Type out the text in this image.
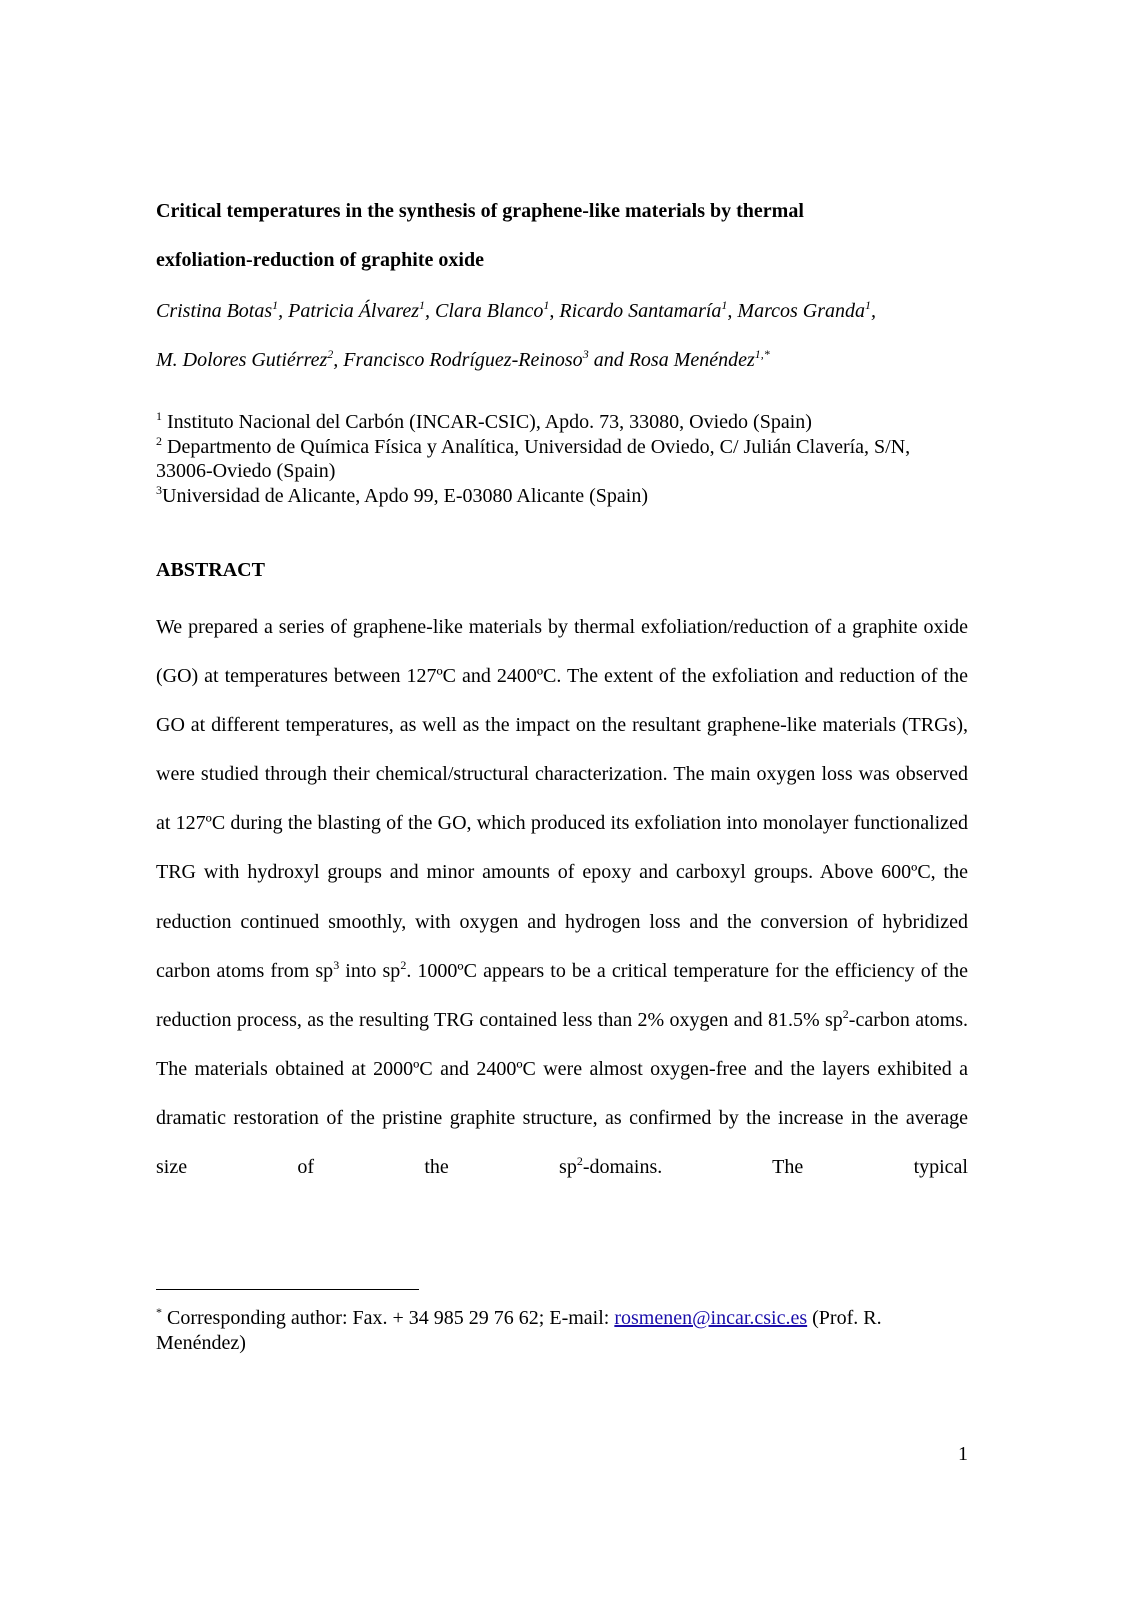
Critical temperatures in the synthesis of graphene-like materials by thermal
exfoliation-reduction of graphite oxide
Cristina Botas$^1$, Patricia Álvarez$^1$, Clara Blanco$^1$, Ricardo Santamaría$^1$, Marcos Granda$^1$,
M. Dolores Gutiérrez$^2$, Francisco Rodríguez-Reinoso$^3$ and Rosa Menéndez$^{1,*}$
$^1$ Instituto Nacional del Carbón (INCAR-CSIC), Apdo. 73, 33080, Oviedo (Spain)
$^2$ Departmento de Química Física y Analítica, Universidad de Oviedo, C/ Julián Clavería, S/N, 33006-Oviedo (Spain)
$^3$Universidad de Alicante, Apdo 99, E-03080 Alicante (Spain)
ABSTRACT
We prepared a series of graphene-like materials by thermal exfoliation/reduction of a graphite oxide (GO) at temperatures between 127ºC and 2400ºC. The extent of the exfoliation and reduction of the GO at different temperatures, as well as the impact on the resultant graphene-like materials (TRGs), were studied through their chemical/structural characterization. The main oxygen loss was observed at 127ºC during the blasting of the GO, which produced its exfoliation into monolayer functionalized TRG with hydroxyl groups and minor amounts of epoxy and carboxyl groups. Above 600ºC, the reduction continued smoothly, with oxygen and hydrogen loss and the conversion of hybridized carbon atoms from $sp^3$ into $sp^2$. 1000ºC appears to be a critical temperature for the efficiency of the reduction process, as the resulting TRG contained less than 2% oxygen and 81.5% $sp^2$-carbon atoms. The materials obtained at 2000ºC and 2400ºC were almost oxygen-free and the layers exhibited a dramatic restoration of the pristine graphite structure, as confirmed by the increase in the average size of the $sp^2$-domains. The typical
* Corresponding author: Fax. + 34 985 29 76 62; E-mail: rosmenen@incar.csic.es (Prof. R. Menéndez)
1
